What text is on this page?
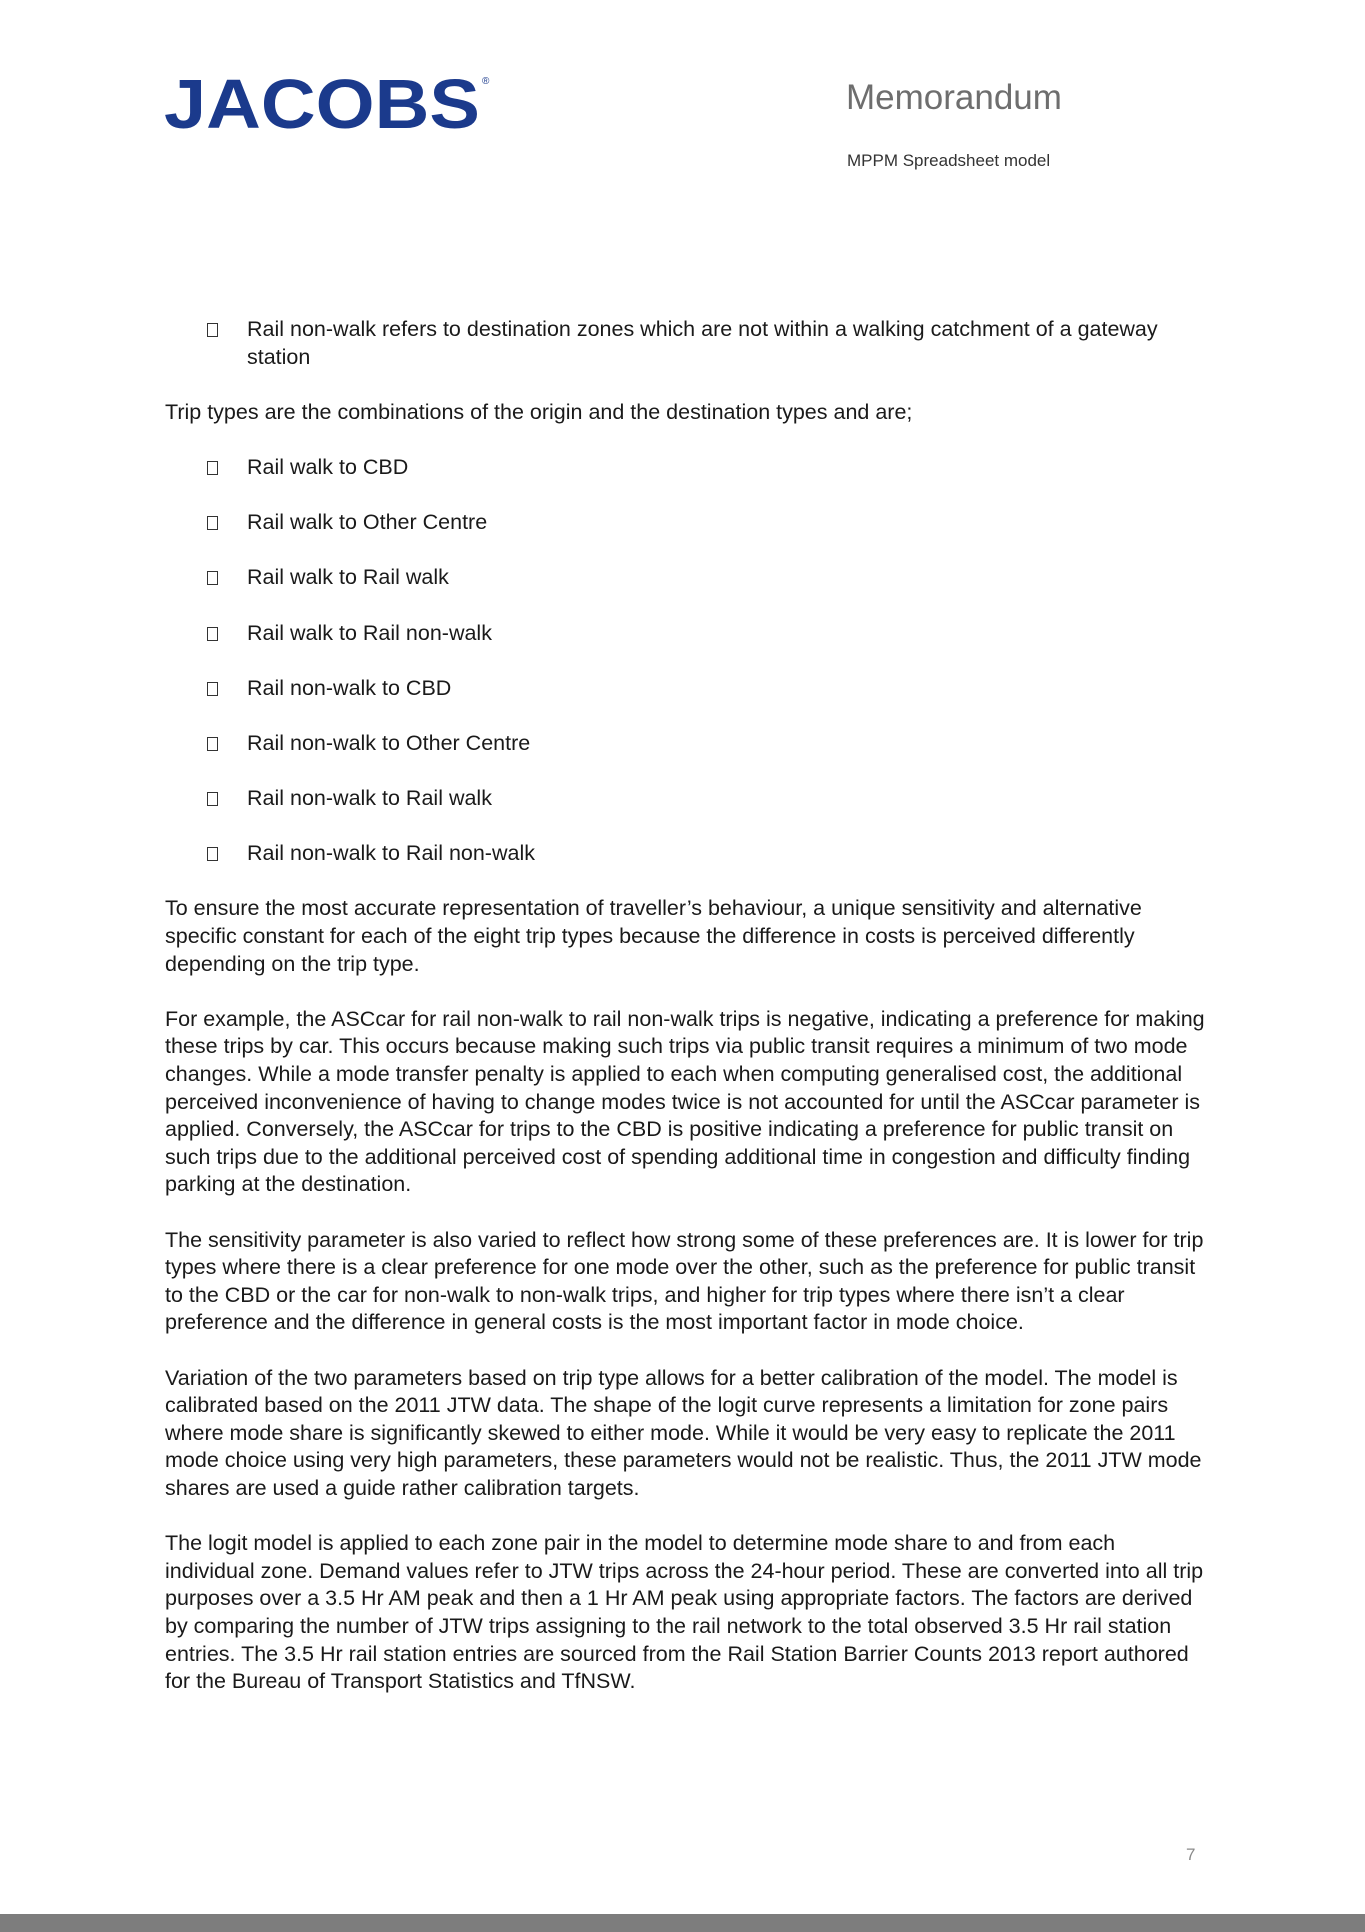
JACOBS ®	Memorandum
MPPM Spreadsheet model
Rail non-walk refers to destination zones which are not within a walking catchment of a gateway station

Trip types are the combinations of the origin and the destination types and are;

Rail walk to CBD
Rail walk to Other Centre
Rail walk to Rail walk
Rail walk to Rail non-walk
Rail non-walk to CBD
Rail non-walk to Other Centre
Rail non-walk to Rail walk
Rail non-walk to Rail non-walk

To ensure the most accurate representation of traveller’s behaviour, a unique sensitivity and alternative specific constant for each of the eight trip types because the difference in costs is perceived differently depending on the trip type.

For example, the ASCcar for rail non-walk to rail non-walk trips is negative, indicating a preference for making these trips by car. This occurs because making such trips via public transit requires a minimum of two mode changes. While a mode transfer penalty is applied to each when computing generalised cost, the additional perceived inconvenience of having to change modes twice is not accounted for until the ASCcar parameter is applied. Conversely, the ASCcar for trips to the CBD is positive indicating a preference for public transit on such trips due to the additional perceived cost of spending additional time in congestion and difficulty finding parking at the destination.

The sensitivity parameter is also varied to reflect how strong some of these preferences are. It is lower for trip types where there is a clear preference for one mode over the other, such as the preference for public transit to the CBD or the car for non-walk to non-walk trips, and higher for trip types where there isn’t a clear preference and the difference in general costs is the most important factor in mode choice.

Variation of the two parameters based on trip type allows for a better calibration of the model. The model is calibrated based on the 2011 JTW data. The shape of the logit curve represents a limitation for zone pairs where mode share is significantly skewed to either mode. While it would be very easy to replicate the 2011 mode choice using very high parameters, these parameters would not be realistic. Thus, the 2011 JTW mode shares are used a guide rather calibration targets.

The logit model is applied to each zone pair in the model to determine mode share to and from each individual zone. Demand values refer to JTW trips across the 24-hour period. These are converted into all trip purposes over a 3.5 Hr AM peak and then a 1 Hr AM peak using appropriate factors. The factors are derived by comparing the number of JTW trips assigning to the rail network to the total observed 3.5 Hr rail station entries. The 3.5 Hr rail station entries are sourced from the Rail Station Barrier Counts 2013 report authored for the Bureau of Transport Statistics and TfNSW.

7
